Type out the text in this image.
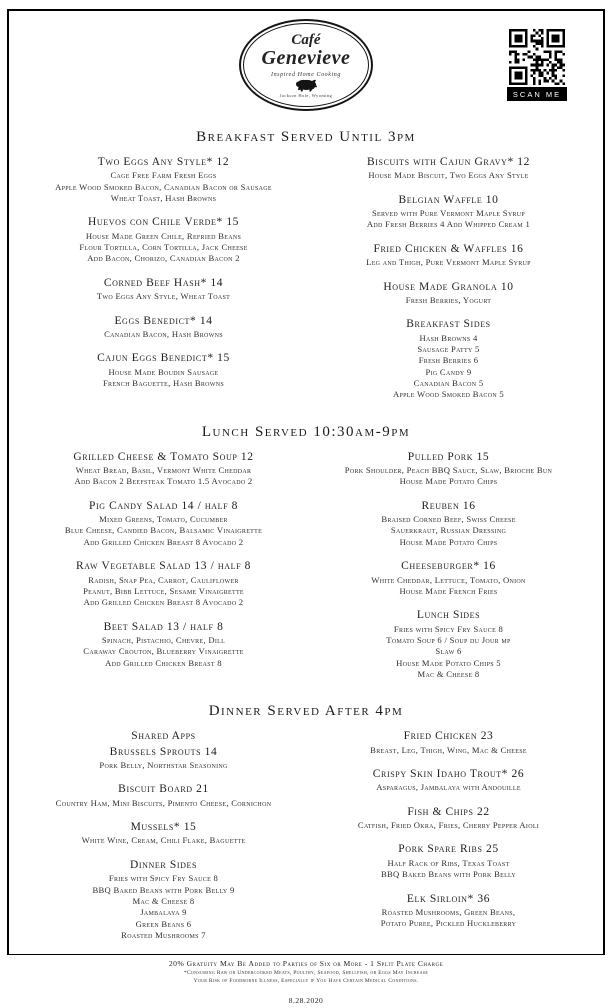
Café
Genevieve
Inspired Home Cooking
Jackson Hole, Wyoming	SCAN ME
Breakfast Served Until 3pm
Two Eggs Any Style* 12
Cage Free Farm Fresh Eggs
Apple Wood Smoked Bacon, Canadian Bacon or Sausage
Wheat Toast, Hash Browns
Huevos con Chile Verde* 15
House Made Green Chile, Refried Beans
Flour Tortilla, Corn Tortilla, Jack Cheese
Add Bacon, Chorizo, Canadian Bacon 2
Corned Beef Hash* 14
Two Eggs Any Style, Wheat Toast
Eggs Benedict* 14
Canadian Bacon, Hash Browns
Cajun Eggs Benedict* 15
House Made Boudin Sausage
French Baguette, Hash Browns
Biscuits with Cajun Gravy* 12
House Made Biscuit, Two Eggs Any Style
Belgian Waffle 10
Served with Pure Vermont Maple Syrup
Add Fresh Berries 4 Add Whipped Cream 1
Fried Chicken & Waffles 16
Leg and Thigh, Pure Vermont Maple Syrup
House Made Granola 10
Fresh Berries, Yogurt
Breakfast Sides
Hash Browns 4
Sausage Patty 5
Fresh Berries 6
Pig Candy 9
Canadian Bacon 5
Apple Wood Smoked Bacon 5
Lunch Served 10:30am-9pm
Grilled Cheese & Tomato Soup 12
Wheat Bread, Basil, Vermont White Cheddar
Add Bacon 2 Beefsteak Tomato 1.5 Avocado 2
Pig Candy Salad 14 / half 8
Mixed Greens, Tomato, Cucumber
Blue Cheese, Candied Bacon, Balsamic Vinaigrette
Add Grilled Chicken Breast 8 Avocado 2
Raw Vegetable Salad 13 / half 8
Radish, Snap Pea, Carrot, Cauliflower
Peanut, Bibb Lettuce, Sesame Vinaigrette
Add Grilled Chicken Breast 8 Avocado 2
Beet Salad 13 / half 8
Spinach, Pistachio, Chevre, Dill
Caraway Crouton, Blueberry Vinaigrette
Add Grilled Chicken Breast 8
Pulled Pork 15
Pork Shoulder, Peach BBQ Sauce, Slaw, Brioche Bun
House Made Potato Chips
Reuben 16
Braised Corned Beef, Swiss Cheese
Sauerkraut, Russian Dressing
House Made Potato Chips
Cheeseburger* 16
White Cheddar, Lettuce, Tomato, Onion
House Made French Fries
Lunch Sides
Fries with Spicy Fry Sauce 8
Tomato Soup 6 / Soup du Jour mp
Slaw 6
House Made Potato Chips 5
Mac & Cheese 8
Dinner Served After 4pm
Shared Apps
Brussels Sprouts 14
Pork Belly, Northstar Seasoning
Biscuit Board 21
Country Ham, Mini Biscuits, Pimento Cheese, Cornichon
Mussels* 15
White Wine, Cream, Chili Flake, Baguette
Dinner Sides
Fries with Spicy Fry Sauce 8
BBQ Baked Beans with Pork Belly 9
Mac & Cheese 8
Jambalaya 9
Green Beans 6
Roasted Mushrooms 7
Fried Chicken 23
Breast, Leg, Thigh, Wing, Mac & Cheese
Crispy Skin Idaho Trout* 26
Asparagus, Jambalaya with Andouille
Fish & Chips 22
Catfish, Fried Okra, Fries, Cherry Pepper Aioli
Pork Spare Ribs 25
Half Rack of Ribs, Texas Toast
BBQ Baked Beans with Pork Belly
Elk Sirloin* 36
Roasted Mushrooms, Green Beans,
Potato Puree, Pickled Huckleberry
20% Gratuity May Be Added to Parties of Six or More - 1 Split Plate Charge
*Consuming Raw or Undercooked Meats, Poultry, Seafood, Shellfish, or Eggs May Increase
Your Risk of Foodborne Illness, Especially if You Have Certain Medical Conditions.
8.28.2020
